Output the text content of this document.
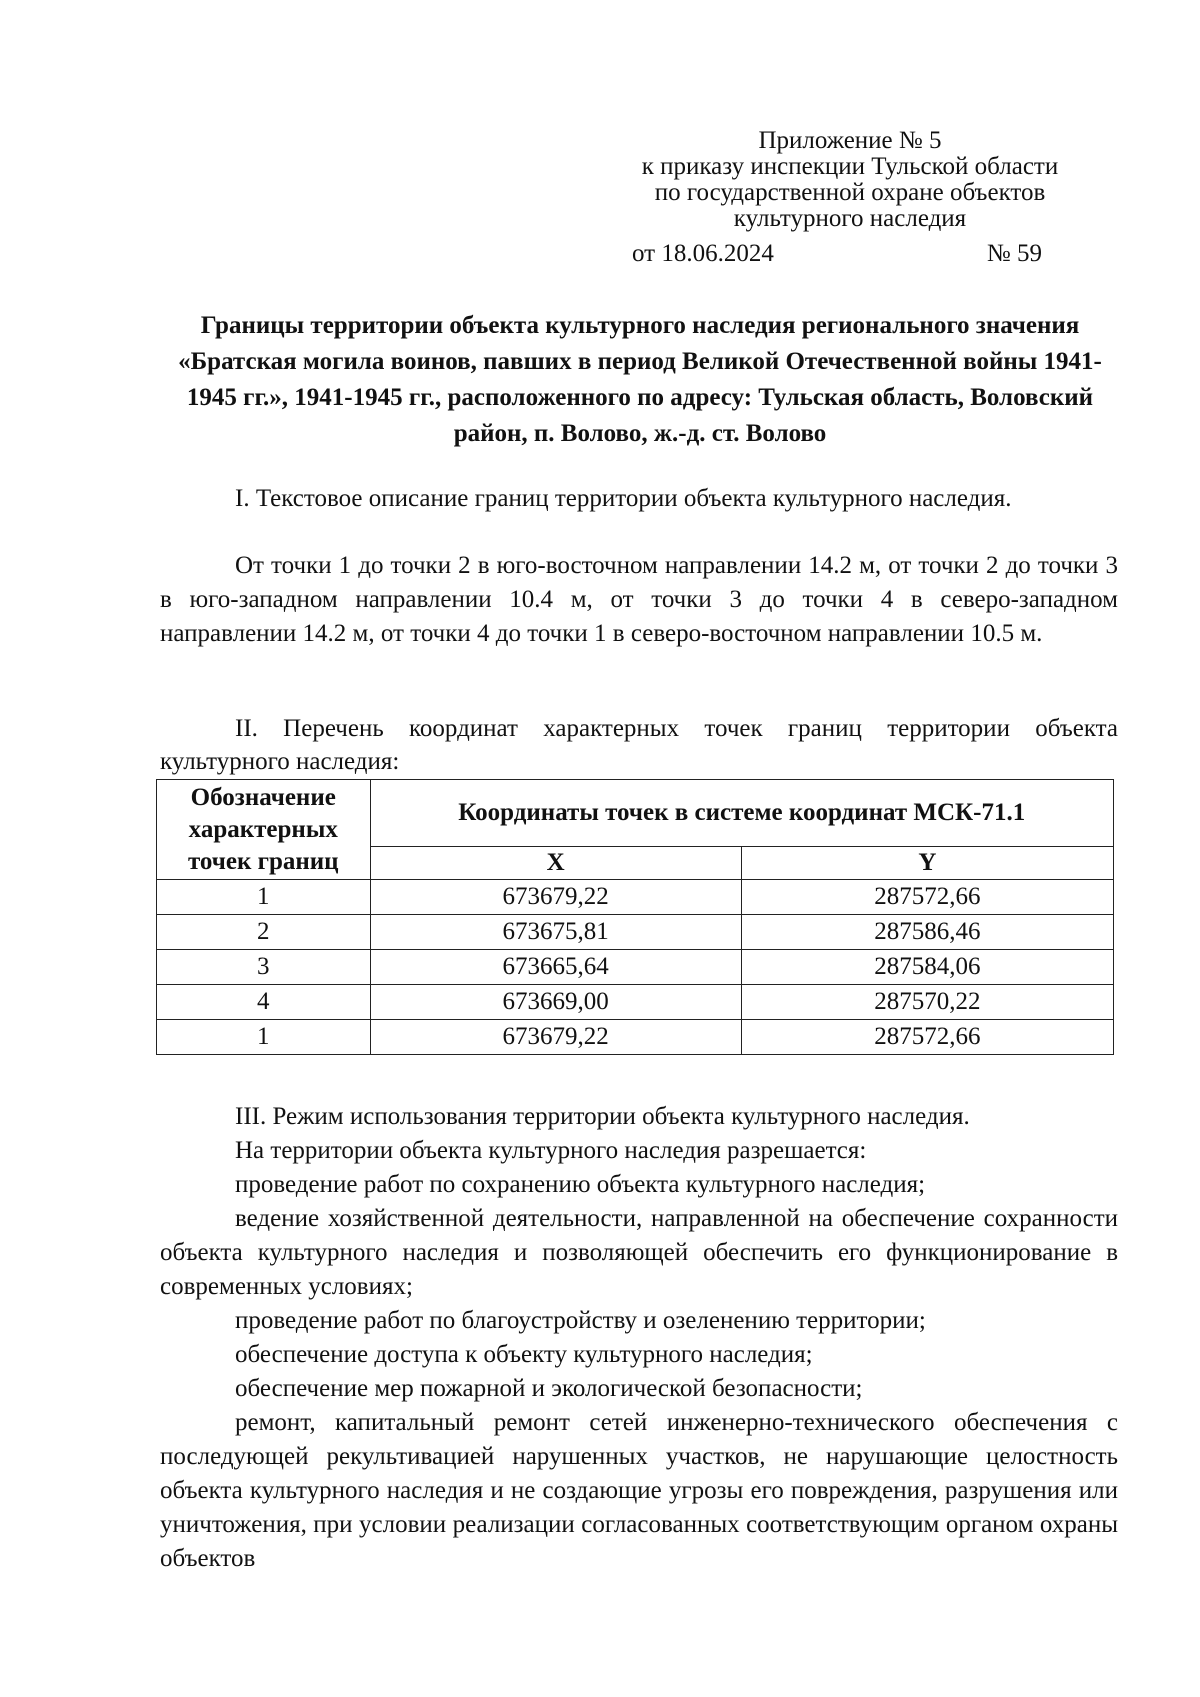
Приложение № 5
к приказу инспекции Тульской области
по государственной охране объектов
культурного наследия
от 18.06.2024	№ 59
Границы территории объекта культурного наследия регионального значения «Братская могила воинов, павших в период Великой Отечественной войны 1941-1945 гг.», 1941-1945 гг., расположенного по адресу: Тульская область, Воловский район, п. Волово, ж.-д. ст. Волово

I. Текстовое описание границ территории объекта культурного наследия.

От точки 1 до точки 2 в юго-восточном направлении 14.2 м, от точки 2 до точки 3 в юго-западном направлении 10.4 м, от точки 3 до точки 4 в северо-западном направлении 14.2 м, от точки 4 до точки 1 в северо-восточном направлении 10.5 м.

II. Перечень координат характерных точек границ территории объекта культурного наследия:

Обозначение характерных точек границ	Координаты точек в системе координат МСК-71.1	
	X	Y
1	673679,22	287572,66
2	673675,81	287586,46
3	673665,64	287584,06
4	673669,00	287570,22
1	673679,22	287572,66

III. Режим использования территории объекта культурного наследия.

На территории объекта культурного наследия разрешается:

проведение работ по сохранению объекта культурного наследия;

ведение хозяйственной деятельности, направленной на обеспечение сохранности объекта культурного наследия и позволяющей обеспечить его функционирование в современных условиях;

проведение работ по благоустройству и озеленению территории;

обеспечение доступа к объекту культурного наследия;

обеспечение мер пожарной и экологической безопасности;

ремонт, капитальный ремонт сетей инженерно-технического обеспечения с последующей рекультивацией нарушенных участков, не нарушающие целостность объекта культурного наследия и не создающие угрозы его повреждения, разрушения или уничтожения, при условии реализации согласованных соответствующим органом охраны объектов
